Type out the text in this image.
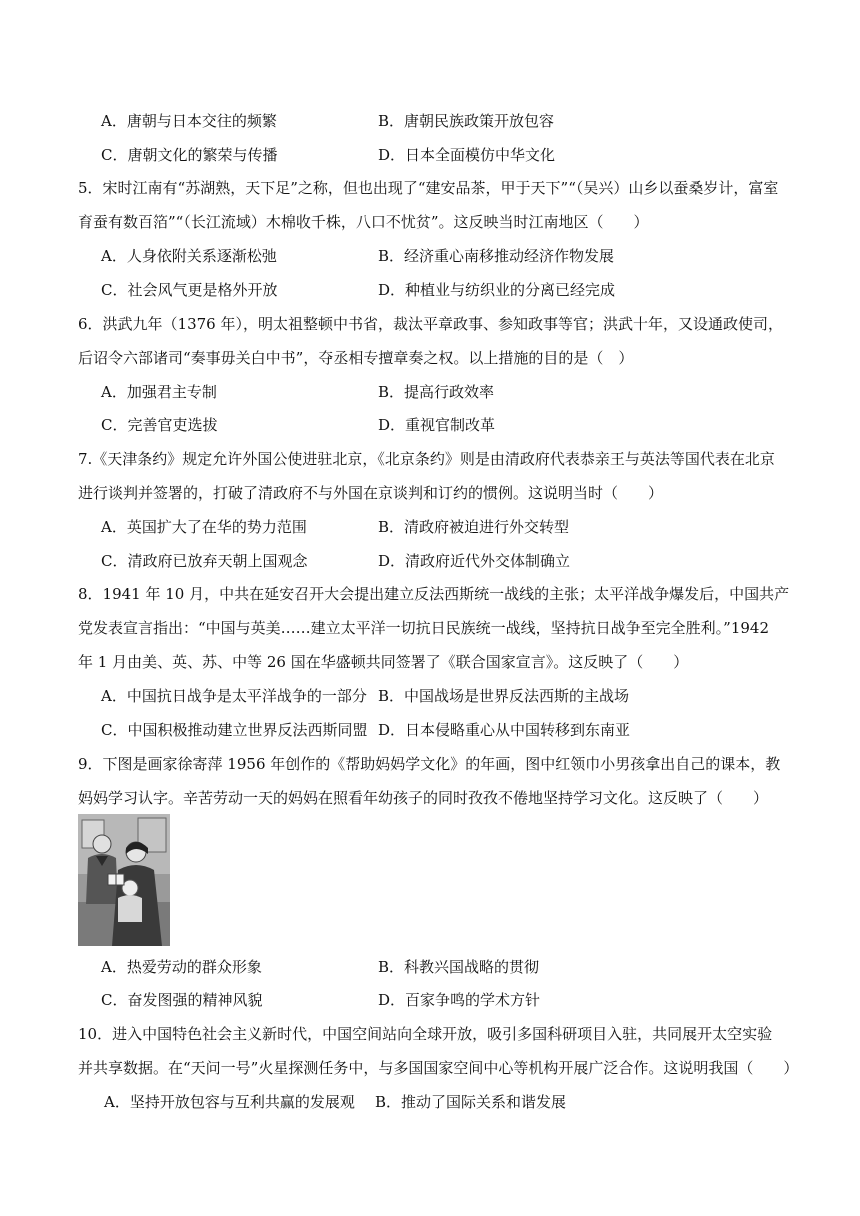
A．唐朝与日本交往的频繁	B．唐朝民族政策开放包容
C．唐朝文化的繁荣与传播	D．日本全面模仿中华文化
5．宋时江南有“苏湖熟，天下足”之称，但也出现了“建安品茶，甲于天下”“（吴兴）山乡以蚕桑岁计，富室
育蚕有数百箔”“（长江流域）木棉收千株，八口不忧贫”。这反映当时江南地区（　　）
A．人身依附关系逐渐松弛	B．经济重心南移推动经济作物发展
C．社会风气更是格外开放	D．种植业与纺织业的分离已经完成
6．洪武九年（1376 年），明太祖整顿中书省，裁汰平章政事、参知政事等官；洪武十年，又设通政使司，
后诏令六部诸司“奏事毋关白中书”，夺丞相专擅章奏之权。以上措施的目的是（　）
A．加强君主专制	B．提高行政效率
C．完善官吏选拔	D．重视官制改革
7.《天津条约》规定允许外国公使进驻北京，《北京条约》则是由清政府代表恭亲王与英法等国代表在北京
进行谈判并签署的，打破了清政府不与外国在京谈判和订约的惯例。这说明当时（　　）
A．英国扩大了在华的势力范围	B．清政府被迫进行外交转型
C．清政府已放弃天朝上国观念	D．清政府近代外交体制确立
8．1941 年 10 月，中共在延安召开大会提出建立反法西斯统一战线的主张；太平洋战争爆发后，中国共产
党发表宣言指出：“中国与英美……建立太平洋一切抗日民族统一战线，坚持抗日战争至完全胜利。”1942
年 1 月由美、英、苏、中等 26 国在华盛顿共同签署了《联合国家宣言》。这反映了（　　）
A．中国抗日战争是太平洋战争的一部分 B．中国战场是世界反法西斯的主战场
C．中国积极推动建立世界反法西斯同盟 D．日本侵略重心从中国转移到东南亚
9．下图是画家徐寄萍 1956 年创作的《帮助妈妈学文化》的年画，图中红领巾小男孩拿出自己的课本，教
妈妈学习认字。辛苦劳动一天的妈妈在照看年幼孩子的同时孜孜不倦地坚持学习文化。这反映了（　　）
A．热爱劳动的群众形象	B．科教兴国战略的贯彻
C．奋发图强的精神风貌	D．百家争鸣的学术方针
10．进入中国特色社会主义新时代，中国空间站向全球开放，吸引多国科研项目入驻，共同展开太空实验
并共享数据。在“天问一号”火星探测任务中，与多国国家空间中心等机构开展广泛合作。这说明我国（　　）
A．坚持开放包容与互利共赢的发展观 B．推动了国际关系和谐发展
